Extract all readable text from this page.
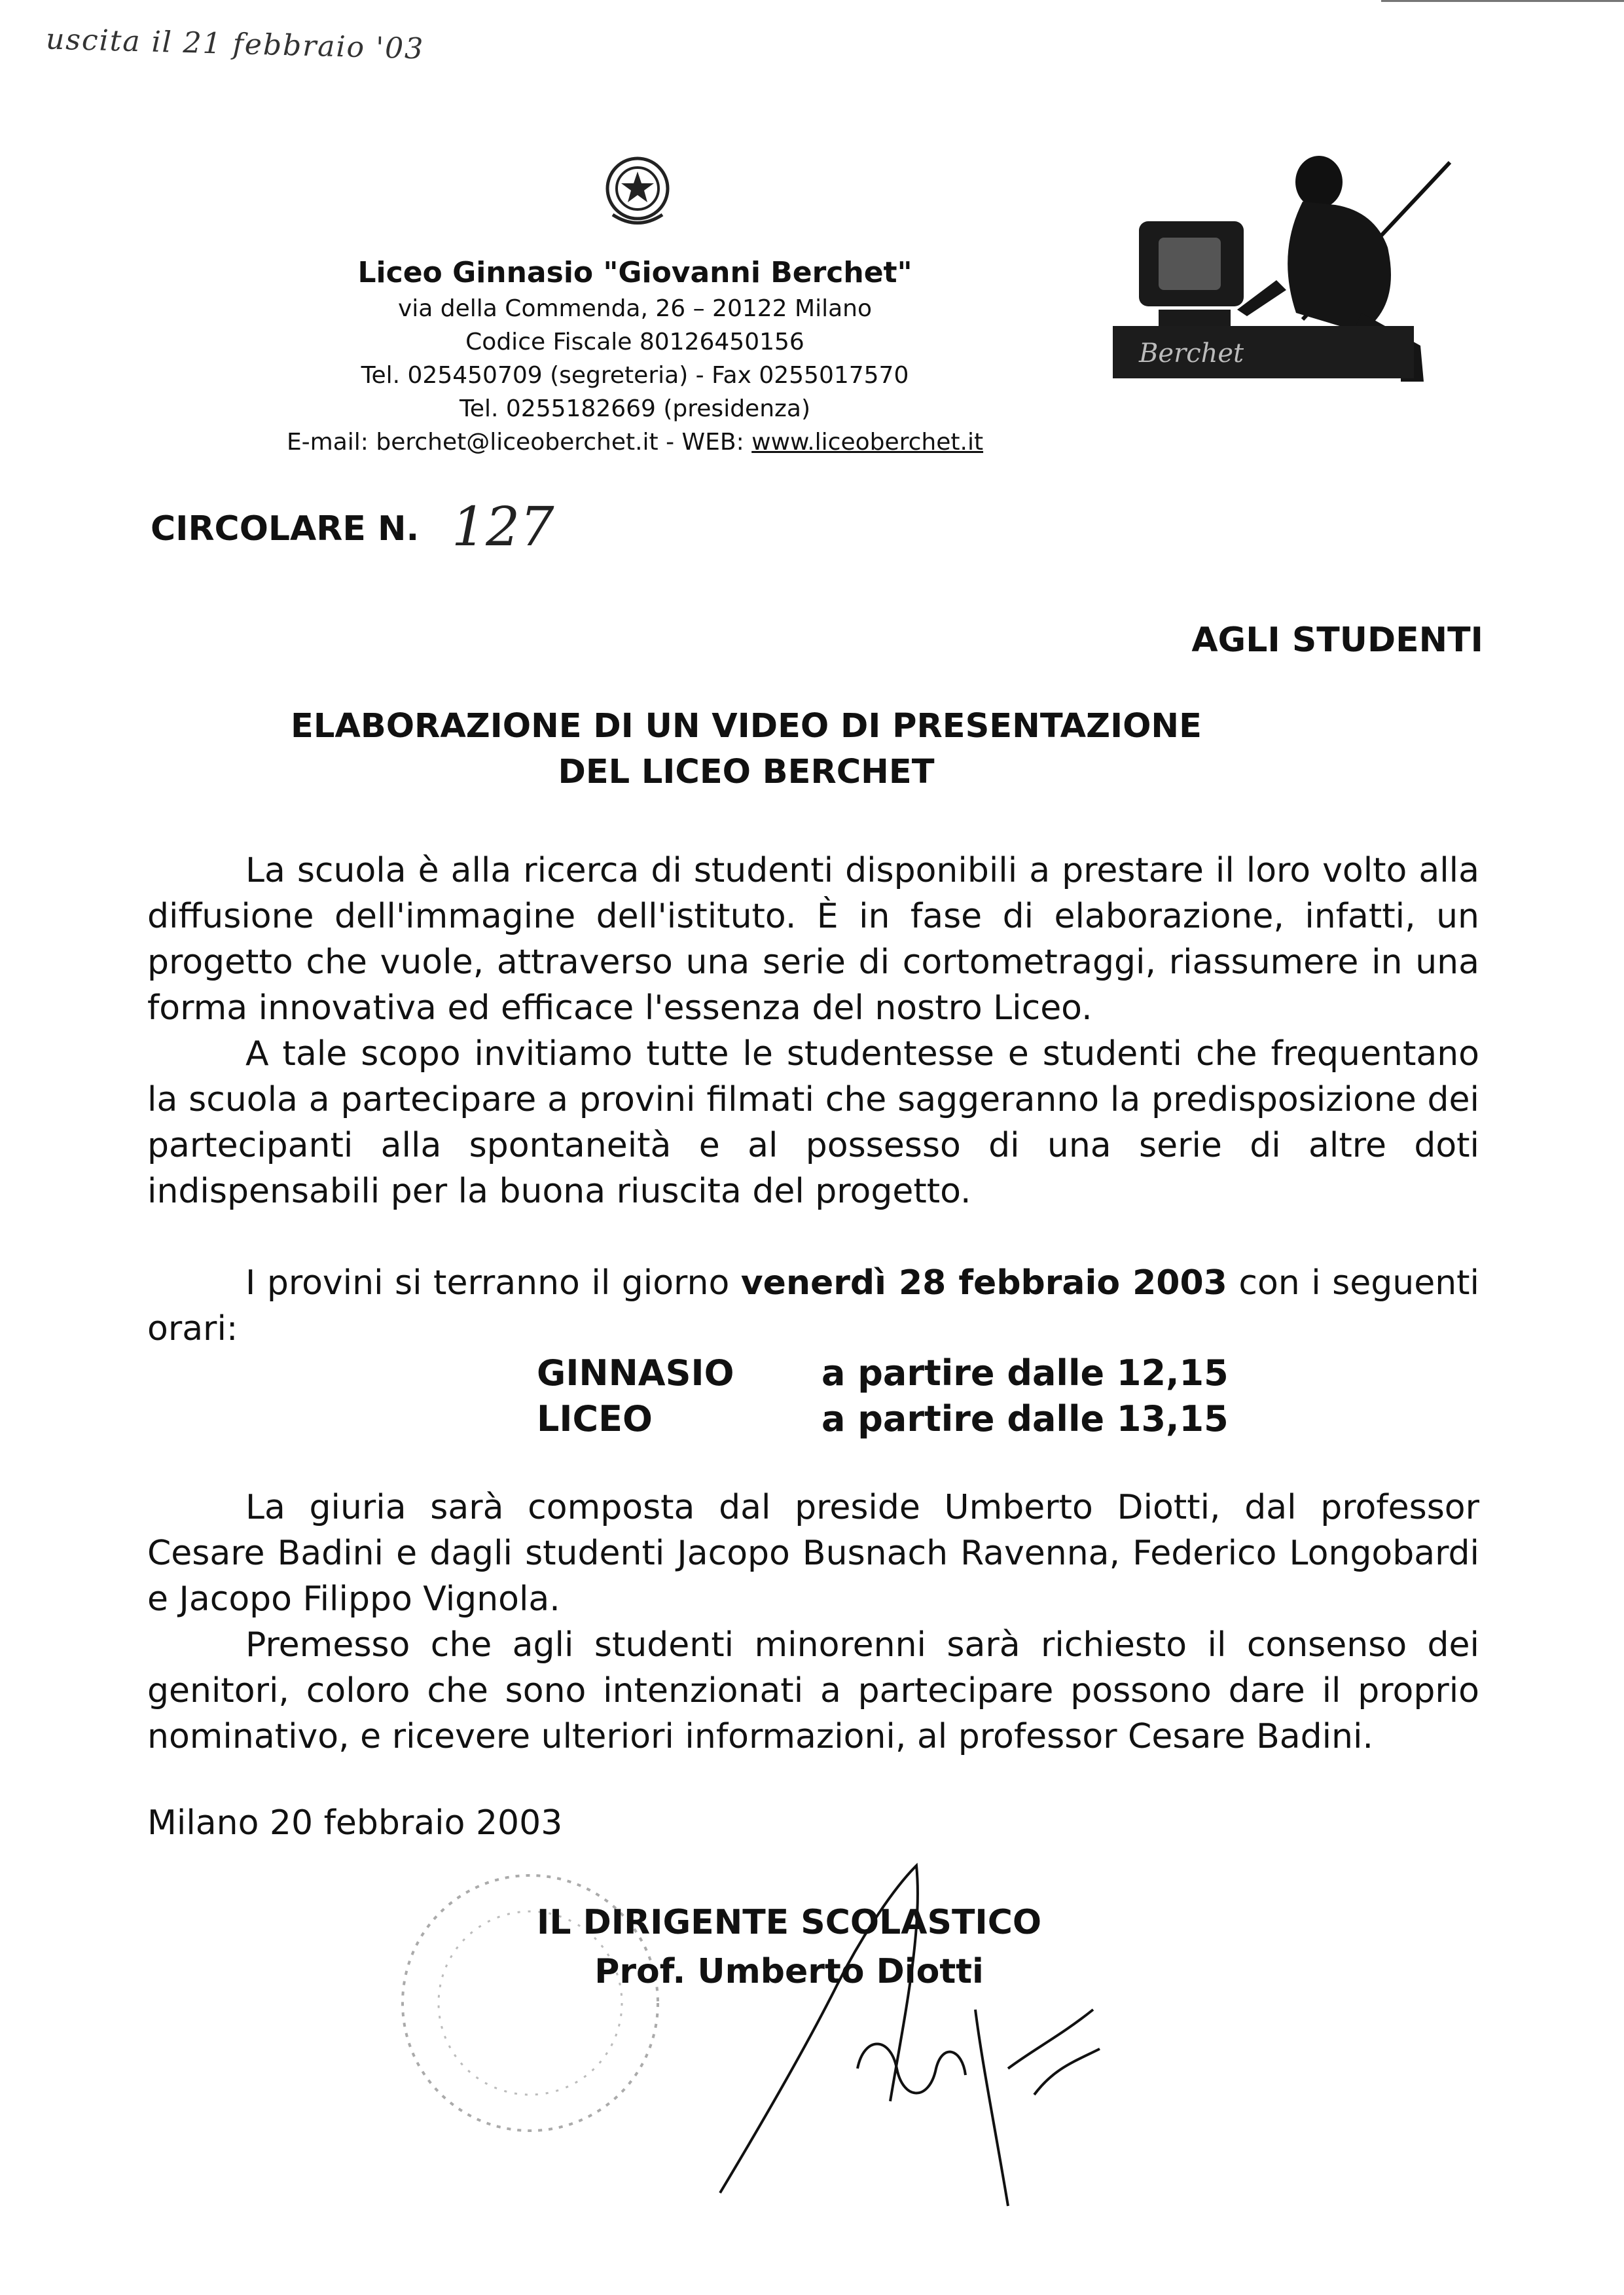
uscita il 21 febbraio '03
Liceo Ginnasio "Giovanni Berchet"
via della Commenda, 26 – 20122 Milano
Codice Fiscale 80126450156
Tel. 025450709 (segreteria) - Fax 0255017570
Tel. 0255182669 (presidenza)
E-mail: berchet@liceoberchet.it - WEB: www.liceoberchet.it
Berchet
CIRCOLARE N. 127
AGLI STUDENTI
ELABORAZIONE DI UN VIDEO DI PRESENTAZIONE
DEL LICEO BERCHET
La scuola è alla ricerca di studenti disponibili a prestare il loro volto alla diffusione dell'immagine dell'istituto. È in fase di elaborazione, infatti, un progetto che vuole, attraverso una serie di cortometraggi, riassumere in una forma innovativa ed efficace l'essenza del nostro Liceo.
A tale scopo invitiamo tutte le studentesse e studenti che frequentano la scuola a partecipare a provini filmati che saggeranno la predisposizione dei partecipanti alla spontaneità e al possesso di una serie di altre doti indispensabili per la buona riuscita del progetto.
I provini si terranno il giorno venerdì 28 febbraio 2003 con i seguenti orari:
GINNASIO a partire dalle 12,15
LICEO	a partire dalle 13,15
La giuria sarà composta dal preside Umberto Diotti, dal professor Cesare Badini e dagli studenti Jacopo Busnach Ravenna, Federico Longobardi e Jacopo Filippo Vignola.
Premesso che agli studenti minorenni sarà richiesto il consenso dei genitori, coloro che sono intenzionati a partecipare possono dare il proprio nominativo, e ricevere ulteriori informazioni, al professor Cesare Badini.
Milano 20 febbraio 2003
IL DIRIGENTE SCOLASTICO
Prof. Umberto Diotti
